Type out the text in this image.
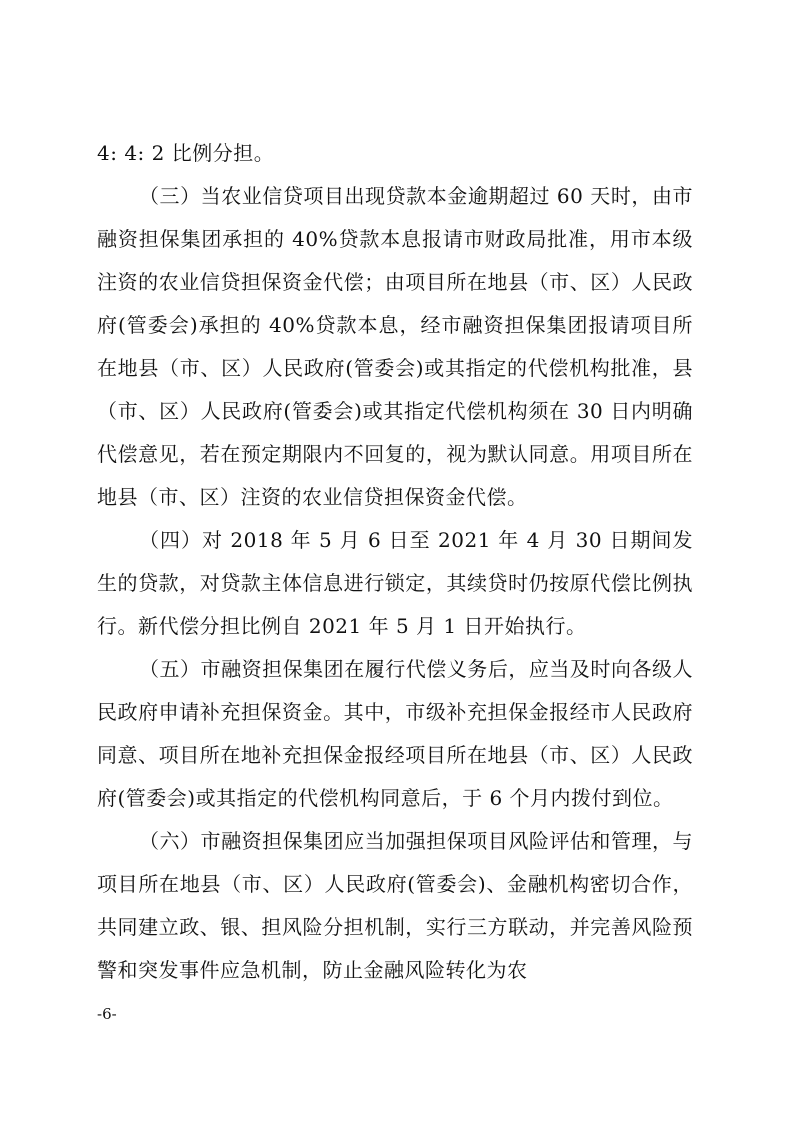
4: 4: 2 比例分担。

（三）当农业信贷项目出现贷款本金逾期超过 60 天时，由市融资担保集团承担的 40%贷款本息报请市财政局批准，用市本级注资的农业信贷担保资金代偿；由项目所在地县（市、区）人民政府(管委会)承担的 40%贷款本息，经市融资担保集团报请项目所在地县（市、区）人民政府(管委会)或其指定的代偿机构批准，县（市、区）人民政府(管委会)或其指定代偿机构须在 30 日内明确代偿意见，若在预定期限内不回复的，视为默认同意。用项目所在地县（市、区）注资的农业信贷担保资金代偿。

（四）对 2018 年 5 月 6 日至 2021 年 4 月 30 日期间发生的贷款，对贷款主体信息进行锁定，其续贷时仍按原代偿比例执行。新代偿分担比例自 2021 年 5 月 1 日开始执行。

（五）市融资担保集团在履行代偿义务后，应当及时向各级人民政府申请补充担保资金。其中，市级补充担保金报经市人民政府同意、项目所在地补充担保金报经项目所在地县（市、区）人民政府(管委会)或其指定的代偿机构同意后，于 6 个月内拨付到位。

（六）市融资担保集团应当加强担保项目风险评估和管理，与项目所在地县（市、区）人民政府(管委会)、金融机构密切合作，共同建立政、银、担风险分担机制，实行三方联动，并完善风险预警和突发事件应急机制，防止金融风险转化为农

-6-
